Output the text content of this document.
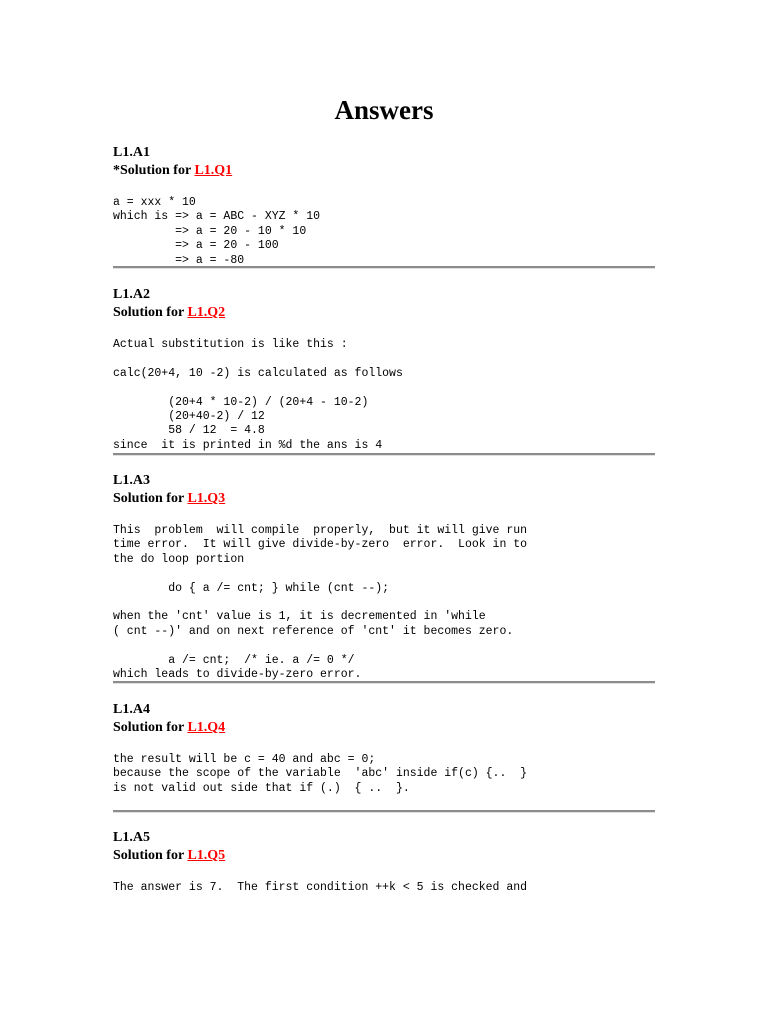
Answers
L1.A1
*Solution for L1.Q1
a = xxx * 10
which is => a = ABC - XYZ * 10
=> a = 20 - 10 * 10
=> a = 20 - 100
=> a = -80
L1.A2
Solution for L1.Q2
Actual substitution is like this :

calc(20+4, 10 -2) is calculated as follows

(20+4 * 10-2) / (20+4 - 10-2)
(20+40-2) / 12
58 / 12  = 4.8
since  it is printed in %d the ans is 4
L1.A3
Solution for L1.Q3
This  problem  will compile  properly,  but it will give run
time error.  It will give divide-by-zero  error.  Look in to
the do loop portion

do { a /= cnt; } while (cnt --);

when the 'cnt' value is 1, it is decremented in 'while
( cnt --)' and on next reference of 'cnt' it becomes zero.

a /= cnt;  /* ie. a /= 0 */
which leads to divide-by-zero error.
L1.A4
Solution for L1.Q4
the result will be c = 40 and abc = 0;
because the scope of the variable  'abc' inside if(c) {..  }
is not valid out side that if (.)  { ..  }.
L1.A5
Solution for L1.Q5
The answer is 7.  The first condition ++k < 5 is checked and
